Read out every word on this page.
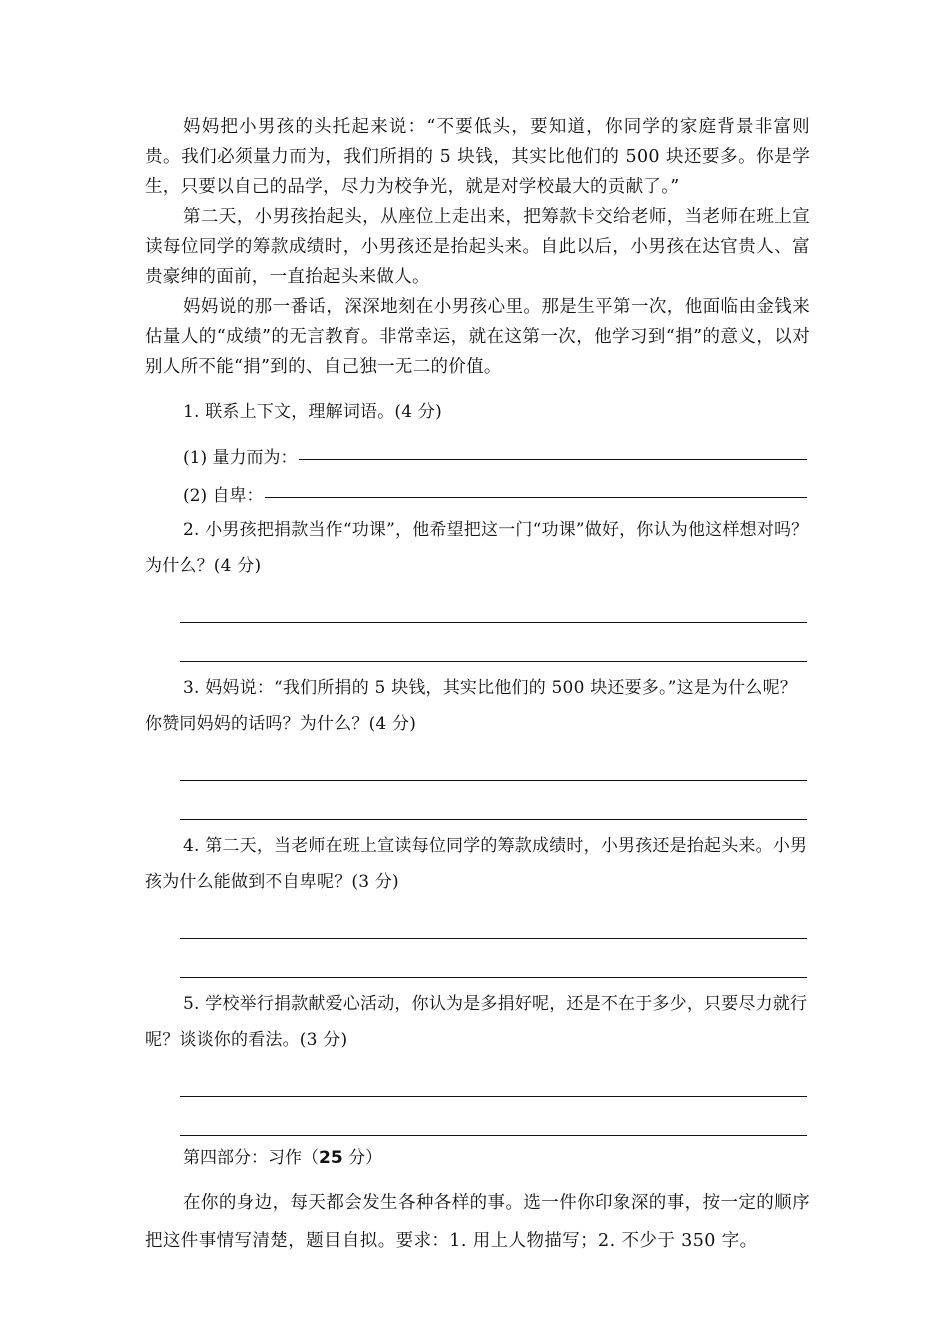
妈妈把小男孩的头托起来说：“不要低头，要知道，你同学的家庭背景非富则贵。我们必须量力而为，我们所捐的 5 块钱，其实比他们的 500 块还要多。你是学生，只要以自己的品学，尽力为校争光，就是对学校最大的贡献了。”

第二天，小男孩抬起头，从座位上走出来，把筹款卡交给老师，当老师在班上宣读每位同学的筹款成绩时，小男孩还是抬起头来。自此以后，小男孩在达官贵人、富贵豪绅的面前，一直抬起头来做人。

妈妈说的那一番话，深深地刻在小男孩心里。那是生平第一次，他面临由金钱来估量人的“成绩”的无言教育。非常幸运，就在这第一次，他学习到“捐”的意义，以对别人所不能“捐”到的、自己独一无二的价值。

1. 联系上下文，理解词语。(4 分)

(1) 量力而为：
(2) 自卑：

2. 小男孩把捐款当作“功课”，他希望把这一门“功课”做好，你认为他这样想对吗？为什么？(4 分)

3. 妈妈说：“我们所捐的 5 块钱，其实比他们的 500 块还要多。”这是为什么呢？你赞同妈妈的话吗？为什么？(4 分)

4. 第二天，当老师在班上宣读每位同学的筹款成绩时，小男孩还是抬起头来。小男孩为什么能做到不自卑呢？(3 分)

5. 学校举行捐款献爱心活动，你认为是多捐好呢，还是不在于多少，只要尽力就行呢？谈谈你的看法。(3 分)

第四部分：习作（25 分）

在你的身边，每天都会发生各种各样的事。选一件你印象深的事，按一定的顺序把这件事情写清楚，题目自拟。要求：1. 用上人物描写；2. 不少于 350 字。
